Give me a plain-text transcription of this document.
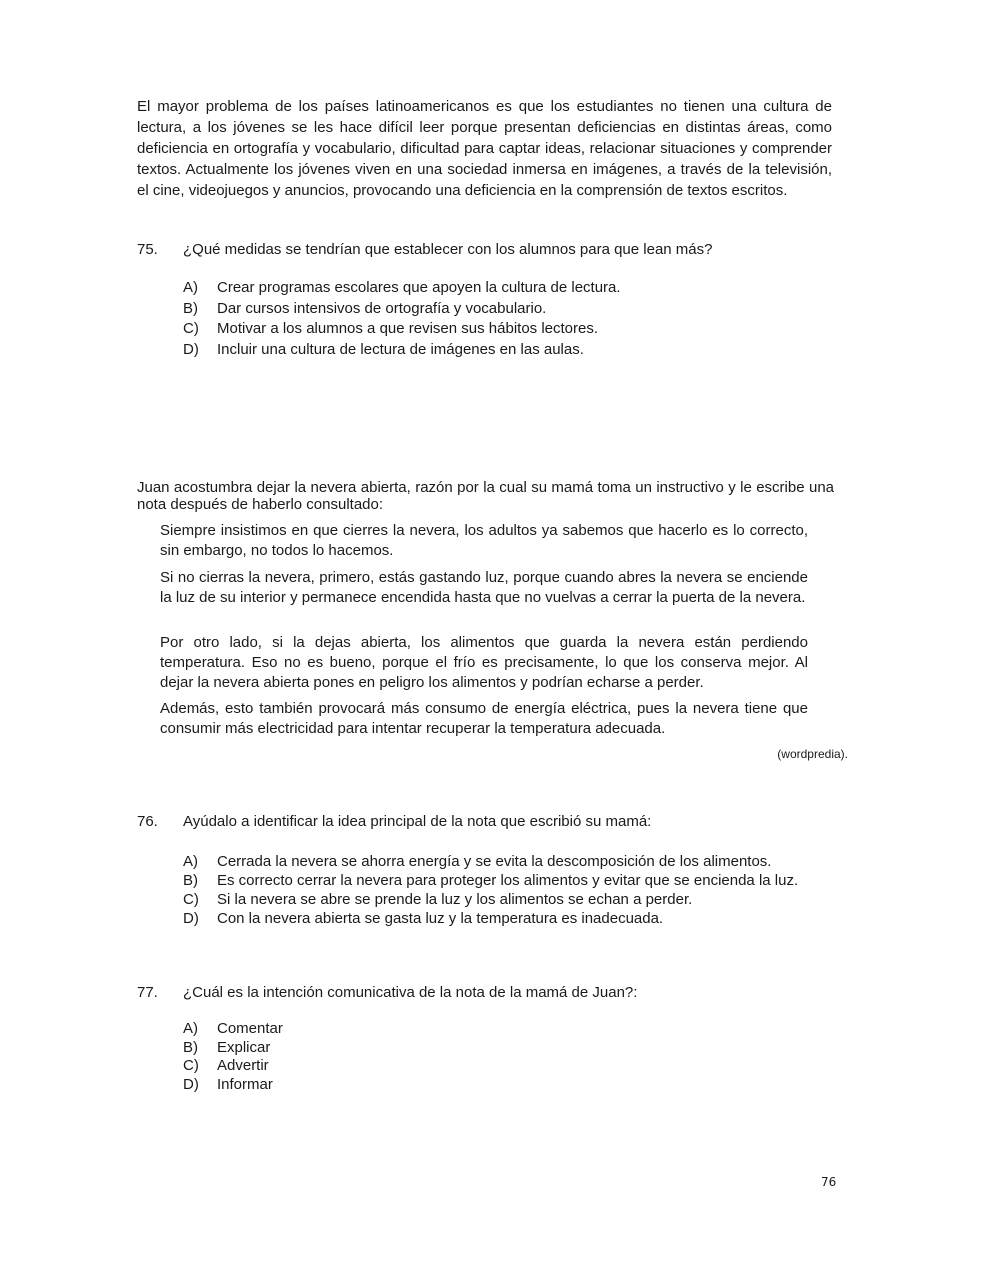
El mayor problema de los países latinoamericanos es que los estudiantes no tienen una cultura de lectura, a los jóvenes se les hace difícil leer porque presentan deficiencias en distintas áreas, como deficiencia en ortografía y vocabulario, dificultad para captar ideas, relacionar situaciones y comprender textos. Actualmente los jóvenes viven en una sociedad inmersa en imágenes, a través de la televisión, el cine, videojuegos y anuncios, provocando una deficiencia en la comprensión de textos escritos.
75. ¿Qué medidas se tendrían que establecer con los alumnos para que lean más?
A) Crear programas escolares que apoyen la cultura de lectura.
B) Dar cursos intensivos de ortografía y vocabulario.
C) Motivar a los alumnos a que revisen sus hábitos lectores.
D) Incluir una cultura de lectura de imágenes en las aulas.
Juan acostumbra dejar la nevera abierta, razón por la cual su mamá toma un instructivo y le escribe una nota después de haberlo consultado:
Siempre insistimos en que cierres la nevera, los adultos ya sabemos que hacerlo es lo correcto, sin embargo, no todos lo hacemos.
Si no cierras la nevera, primero, estás gastando luz, porque cuando abres la nevera se enciende la luz de su interior y permanece encendida hasta que no vuelvas a cerrar la puerta de la nevera.
Por otro lado, si la dejas abierta, los alimentos que guarda la nevera están perdiendo temperatura. Eso no es bueno, porque el frío es precisamente, lo que los conserva mejor. Al dejar la nevera abierta pones en peligro los alimentos y podrían echarse a perder.
Además, esto también provocará más consumo de energía eléctrica, pues la nevera tiene que consumir más electricidad para intentar recuperar la temperatura adecuada.
(wordpredia).
76. Ayúdalo a identificar la idea principal de la nota que escribió su mamá:
A) Cerrada la nevera se ahorra energía y se evita la descomposición de los alimentos.
B) Es correcto cerrar la nevera para proteger los alimentos y evitar que se encienda la luz.
C) Si la nevera se abre se prende la luz y los alimentos se echan a perder.
D) Con la nevera abierta se gasta luz y la temperatura es inadecuada.
77. ¿Cuál es la intención comunicativa de la nota de la mamá de Juan?:
A) Comentar
B) Explicar
C) Advertir
D) Informar
76
